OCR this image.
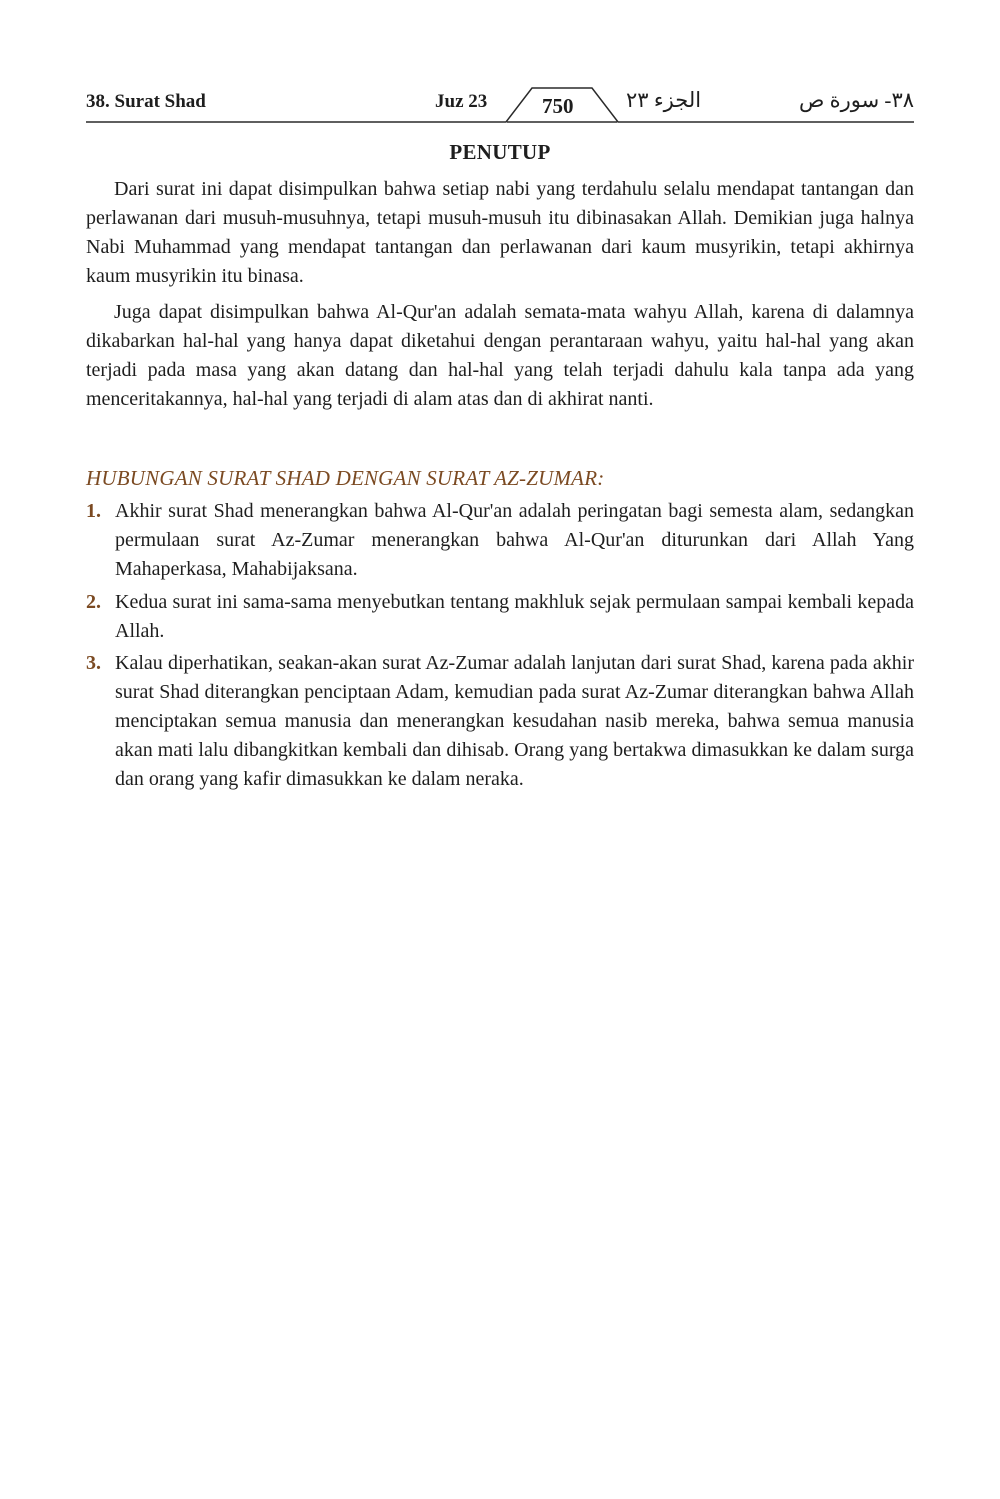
38. Surat Shad	Juz 23	750	الجزء ٢٣	٣٨- سورة ص
PENUTUP

Dari surat ini dapat disimpulkan bahwa setiap nabi yang terdahulu selalu mendapat tantangan dan perlawanan dari musuh-musuhnya, tetapi musuh-musuh itu dibinasakan Allah. Demikian juga halnya Nabi Muhammad yang mendapat tantangan dan perlawanan dari kaum musyrikin, tetapi akhirnya kaum musyrikin itu binasa.

Juga dapat disimpulkan bahwa Al-Qur'an adalah semata-mata wahyu Allah, karena di dalamnya dikabarkan hal-hal yang hanya dapat diketahui dengan perantaraan wahyu, yaitu hal-hal yang akan terjadi pada masa yang akan datang dan hal-hal yang telah terjadi dahulu kala tanpa ada yang menceritakannya, hal-hal yang terjadi di alam atas dan di akhirat nanti.

HUBUNGAN SURAT SHAD DENGAN SURAT AZ-ZUMAR:
1. Akhir surat Shad menerangkan bahwa Al-Qur'an adalah peringatan bagi semesta alam, sedangkan permulaan surat Az-Zumar menerangkan bahwa Al-Qur'an diturunkan dari Allah Yang Mahaperkasa, Mahabijaksana.
2. Kedua surat ini sama-sama menyebutkan tentang makhluk sejak permulaan sampai kembali kepada Allah.
3. Kalau diperhatikan, seakan-akan surat Az-Zumar adalah lanjutan dari surat Shad, karena pada akhir surat Shad diterangkan penciptaan Adam, kemudian pada surat Az-Zumar diterangkan bahwa Allah menciptakan semua manusia dan menerangkan kesudahan nasib mereka, bahwa semua manusia akan mati lalu dibangkitkan kembali dan dihisab. Orang yang bertakwa dimasukkan ke dalam surga dan orang yang kafir dimasukkan ke dalam neraka.
